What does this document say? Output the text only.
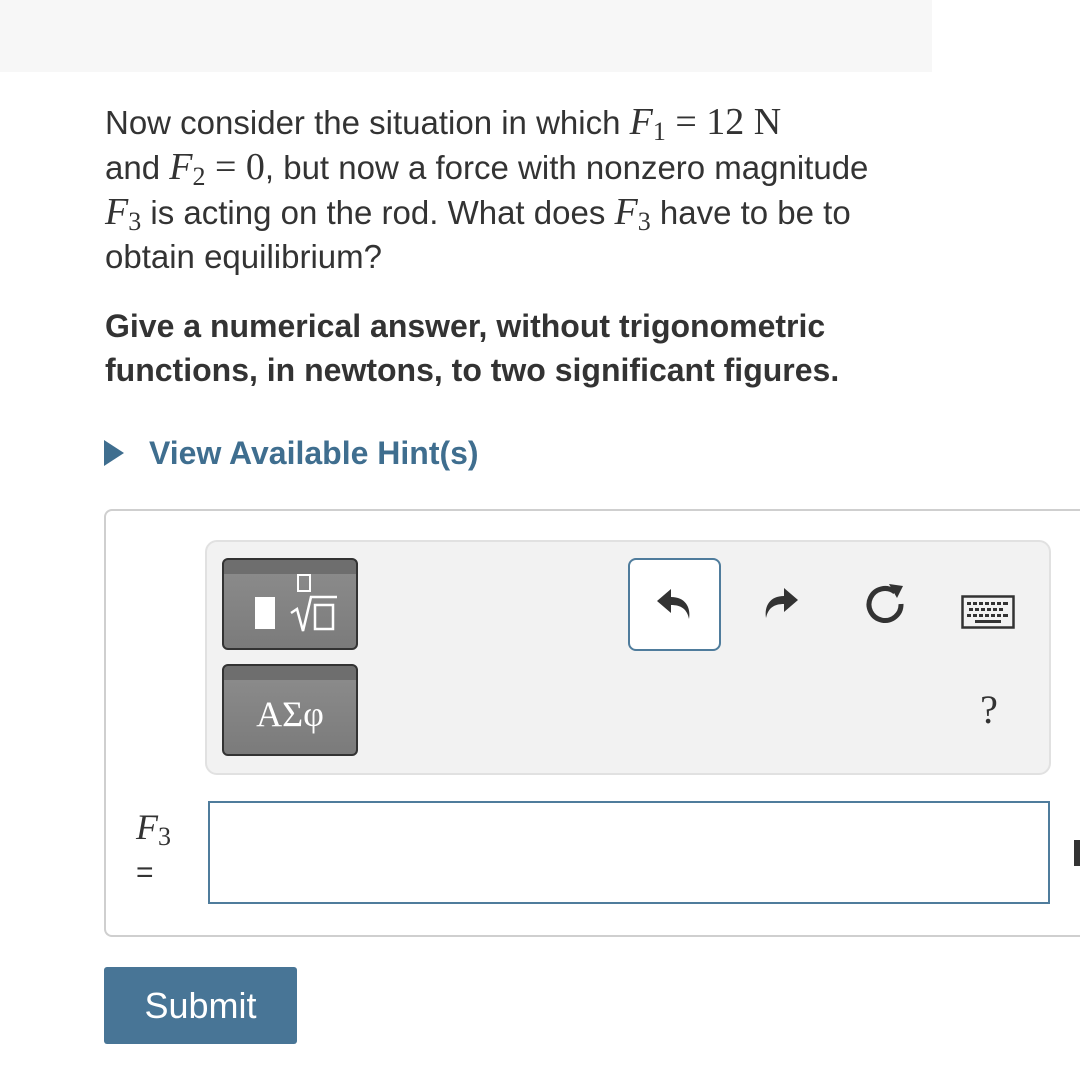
Now consider the situation in which $F_1 = 12$ N
and $F_2 = 0$, but now a force with nonzero magnitude $F_3$ is acting on the rod. What does $F_3$ have to be to obtain equilibrium?
Give a numerical answer, without trigonometric functions, in newtons, to two significant figures.
View Available Hint(s)
ΑΣφ	?
$F_3$
=
Submit
